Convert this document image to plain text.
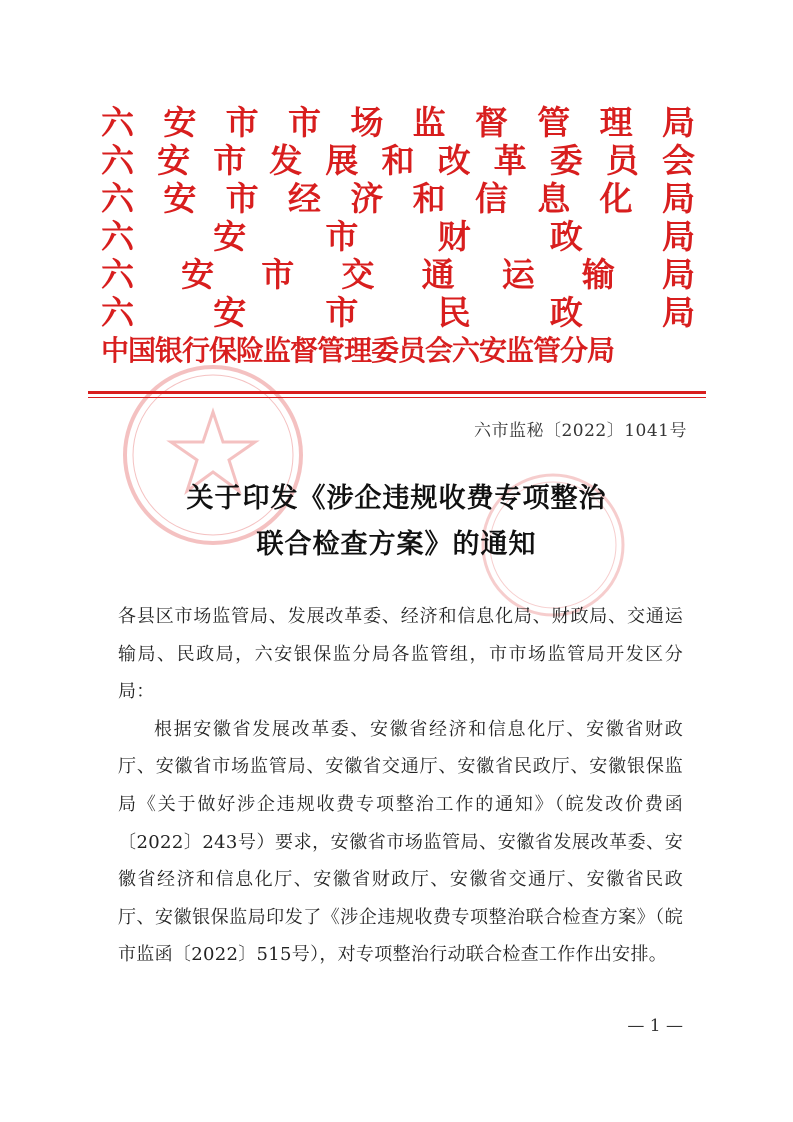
六 安 市 市 场 监 督 管 理 局
六 安 市 发 展 和 改 革 委 员 会
六 安 市 经 济 和 信 息 化 局
六 安 市 财 政 局
六 安 市 交 通 运 输 局
六 安 市 民 政 局
中国银行保险监督管理委员会六安监管分局
六市监秘〔2022〕1041号
关于印发《涉企违规收费专项整治
联合检查方案》的通知

各县区市场监管局、发展改革委、经济和信息化局、财政局、交通运输局、民政局，六安银保监分局各监管组，市市场监管局开发区分局：

根据安徽省发展改革委、安徽省经济和信息化厅、安徽省财政厅、安徽省市场监管局、安徽省交通厅、安徽省民政厅、安徽银保监局《关于做好涉企违规收费专项整治工作的通知》（皖发改价费函〔2022〕243号）要求，安徽省市场监管局、安徽省发展改革委、安徽省经济和信息化厅、安徽省财政厅、安徽省交通厅、安徽省民政厅、安徽银保监局印发了《涉企违规收费专项整治联合检查方案》（皖市监函〔2022〕515号），对专项整治行动联合检查工作作出安排。

— 1 —
